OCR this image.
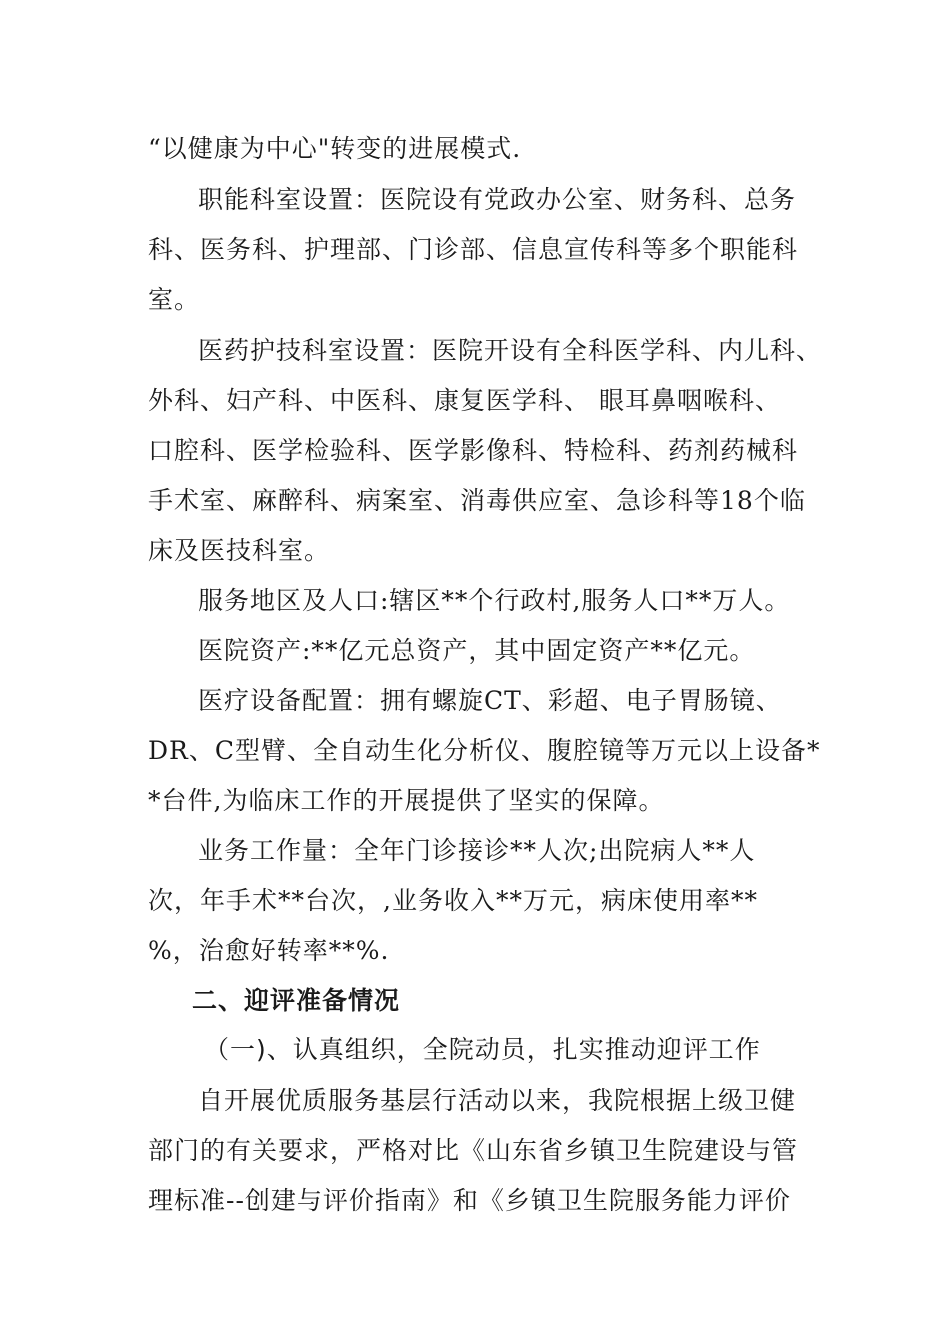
“以健康为中心"转变的进展模式.
职能科室设置：医院设有党政办公室、财务科、总务
科、医务科、护理部、门诊部、信息宣传科等多个职能科
室。
医药护技科室设置：医院开设有全科医学科、内儿科、
外科、妇产科、中医科、康复医学科、 眼耳鼻咽喉科、
口腔科、医学检验科、医学影像科、特检科、药剂药械科
手术室、麻醉科、病案室、消毒供应室、急诊科等18个临
床及医技科室。
服务地区及人口:辖区**个行政村,服务人口**万人。
医院资产:**亿元总资产，其中固定资产**亿元。
医疗设备配置：拥有螺旋CT、彩超、电子胃肠镜、
DR、C型臂、全自动生化分析仪、腹腔镜等万元以上设备*
*台件,为临床工作的开展提供了坚实的保障。
业务工作量：全年门诊接诊**人次;出院病人**人
次，年手术**台次，,业务收入**万元，病床使用率**
%，治愈好转率**%.
二、迎评准备情况
（一)、认真组织，全院动员，扎实推动迎评工作
自开展优质服务基层行活动以来，我院根据上级卫健
部门的有关要求，严格对比《山东省乡镇卫生院建设与管
理标准--创建与评价指南》和《乡镇卫生院服务能力评价
